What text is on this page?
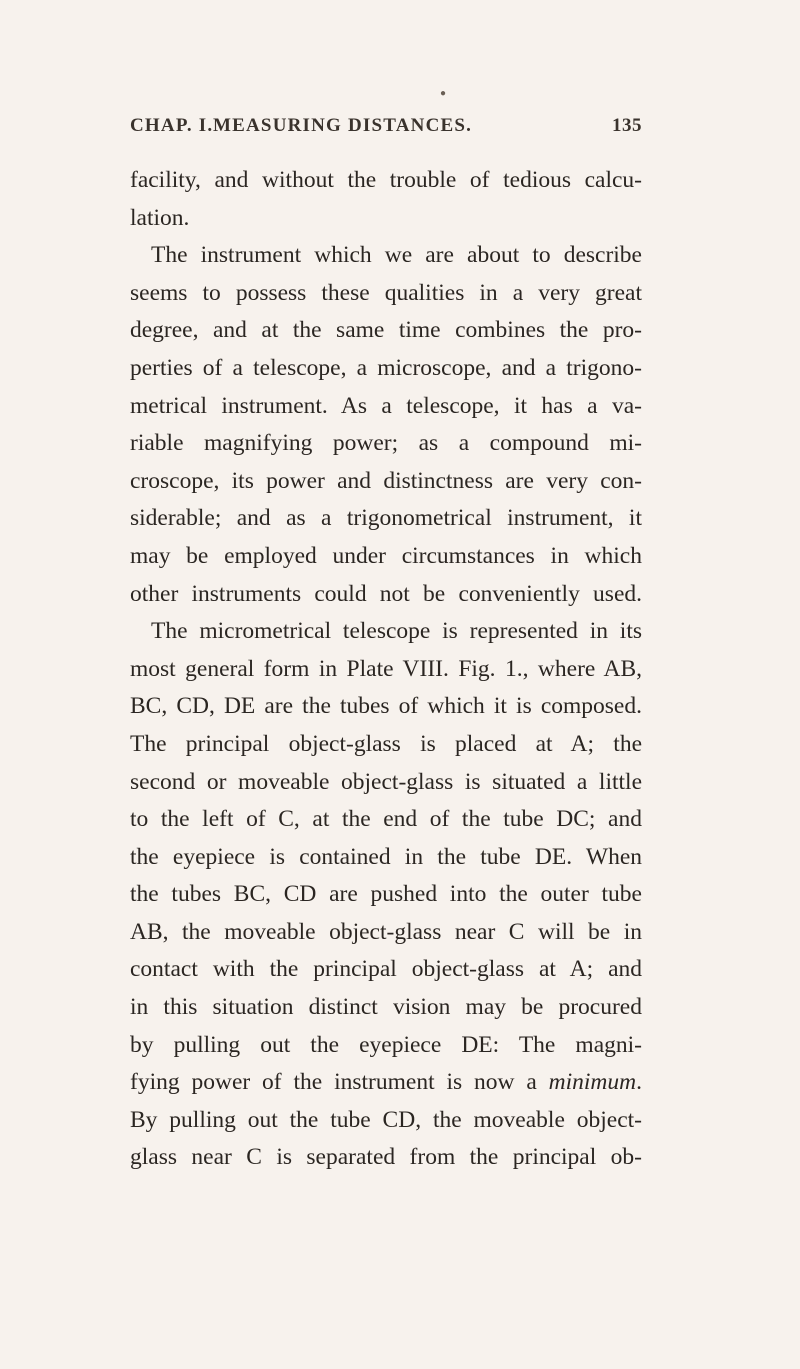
●
CHAP. I. MEASURING DISTANCES.	135
facility, and without the trouble of tedious calcu-
lation.
The instrument which we are about to describe
seems to possess these qualities in a very great
degree, and at the same time combines the pro-
perties of a telescope, a microscope, and a trigono-
metrical instrument. As a telescope, it has a va-
riable magnifying power; as a compound mi-
croscope, its power and distinctness are very con-
siderable; and as a trigonometrical instrument, it
may be employed under circumstances in which
other instruments could not be conveniently used.
The micrometrical telescope is represented in its
most general form in Plate VIII. Fig. 1., where AB,
BC, CD, DE are the tubes of which it is composed.
The principal object-glass is placed at A; the
second or moveable object-glass is situated a little
to the left of C, at the end of the tube DC; and
the eyepiece is contained in the tube DE. When
the tubes BC, CD are pushed into the outer tube
AB, the moveable object-glass near C will be in
contact with the principal object-glass at A; and
in this situation distinct vision may be procured
by pulling out the eyepiece DE: The magni-
fying power of the instrument is now a minimum.
By pulling out the tube CD, the moveable object-
glass near C is separated from the principal ob-
